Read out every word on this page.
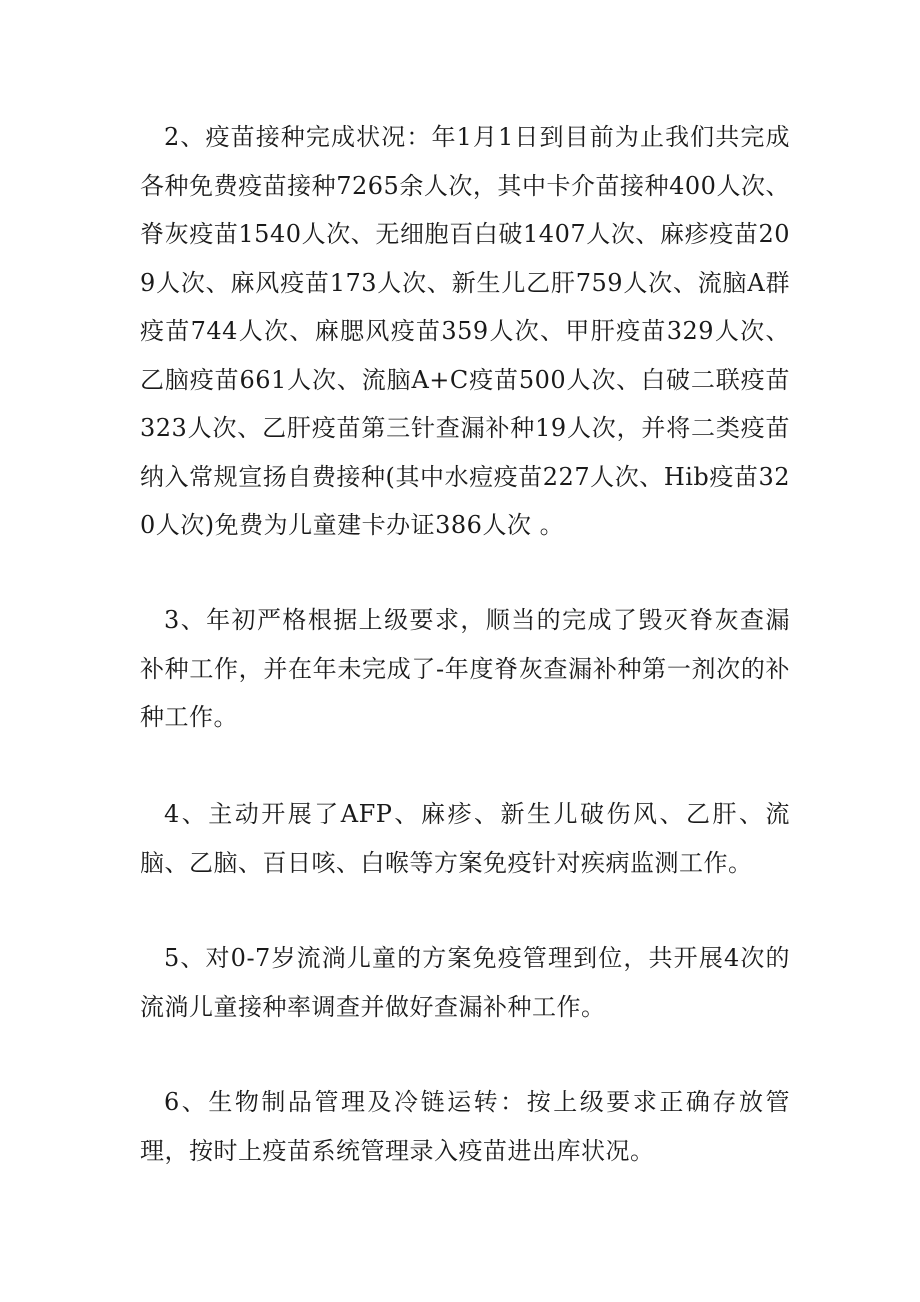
2、疫苗接种完成状况：年1月1日到目前为止我们共完成各种免费疫苗接种7265余人次，其中卡介苗接种400人次、脊灰疫苗1540人次、无细胞百白破1407人次、麻疹疫苗209人次、麻风疫苗173人次、新生儿乙肝759人次、流脑A群疫苗744人次、麻腮风疫苗359人次、甲肝疫苗329人次、乙脑疫苗661人次、流脑A+C疫苗500人次、白破二联疫苗323人次、乙肝疫苗第三针查漏补种19人次，并将二类疫苗纳入常规宣扬自费接种(其中水痘疫苗227人次、Hib疫苗320人次)免费为儿童建卡办证386人次 。

3、年初严格根据上级要求，顺当的完成了毁灭脊灰查漏补种工作，并在年未完成了-年度脊灰查漏补种第一剂次的补种工作。

4、主动开展了AFP、麻疹、新生儿破伤风、乙肝、流脑、乙脑、百日咳、白喉等方案免疫针对疾病监测工作。

5、对0-7岁流淌儿童的方案免疫管理到位，共开展4次的流淌儿童接种率调查并做好查漏补种工作。

6、生物制品管理及冷链运转：按上级要求正确存放管理，按时上疫苗系统管理录入疫苗进出库状况。
